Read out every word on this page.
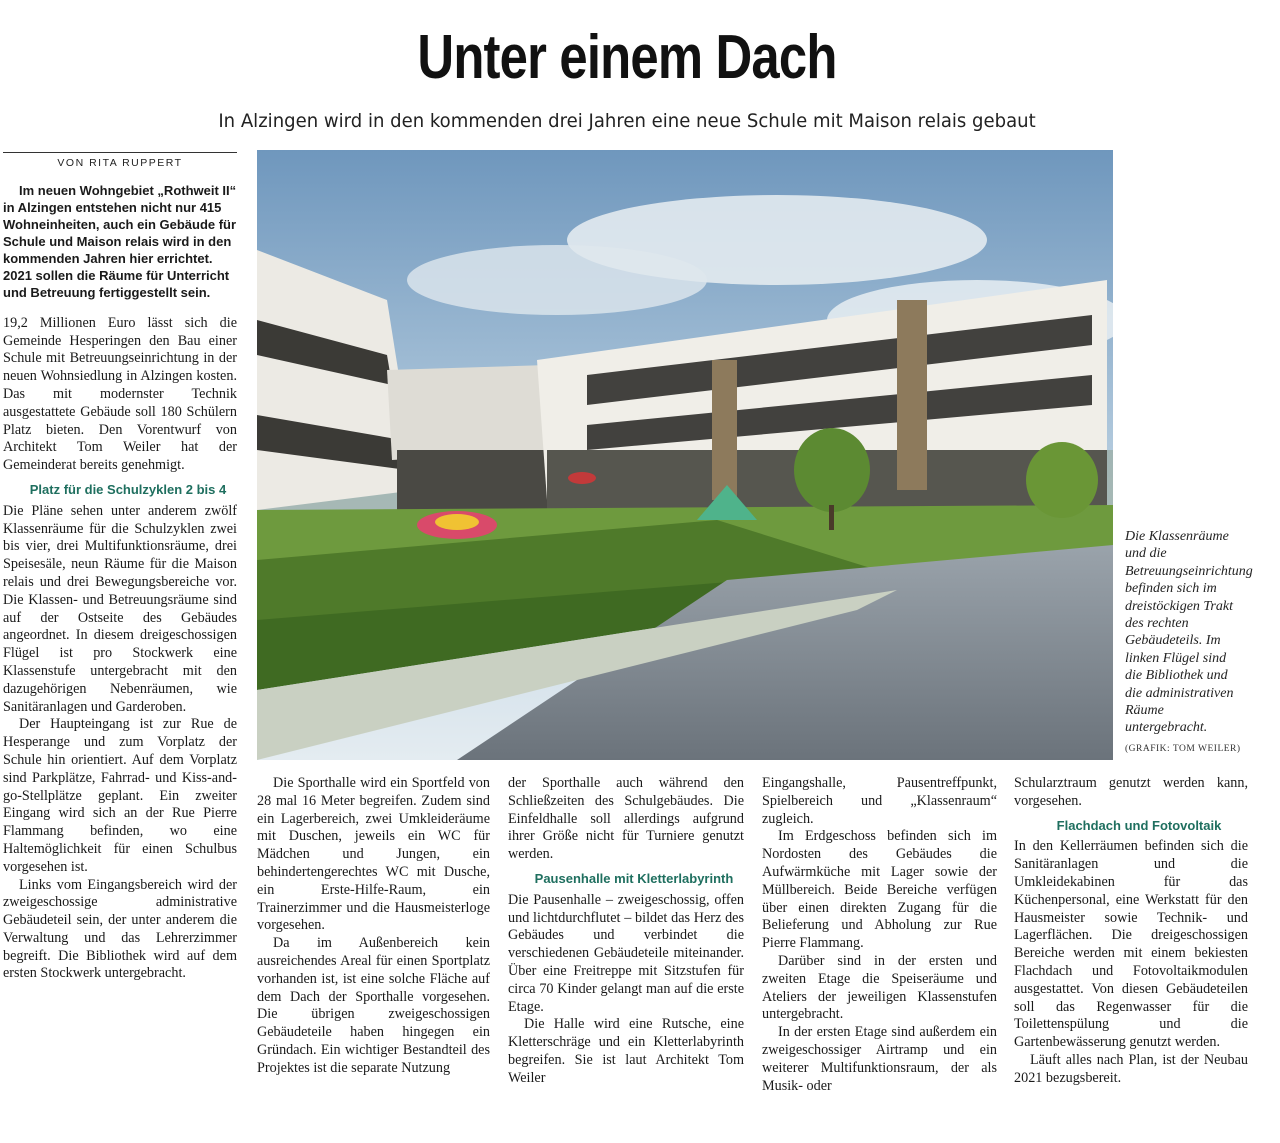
Unter einem Dach
In Alzingen wird in den kommenden drei Jahren eine neue Schule mit Maison relais gebaut
VON RITA RUPPERT

Im neuen Wohngebiet „Rothweit II“ in Alzingen entstehen nicht nur 415 Wohneinheiten, auch ein Gebäude für Schule und Maison relais wird in den kommenden Jahren hier errichtet. 2021 sollen die Räume für Unterricht und Betreuung fertiggestellt sein.

19,2 Millionen Euro lässt sich die Gemeinde Hesperingen den Bau einer Schule mit Betreuungseinrichtung in der neuen Wohnsiedlung in Alzingen kosten. Das mit modernster Technik ausgestattete Gebäude soll 180 Schülern Platz bieten. Den Vorentwurf von Architekt Tom Weiler hat der Gemeinderat bereits genehmigt.

Platz für die Schulzyklen 2 bis 4

Die Pläne sehen unter anderem zwölf Klassenräume für die Schulzyklen zwei bis vier, drei Multifunktionsräume, drei Speisesäle, neun Räume für die Maison relais und drei Bewegungsbereiche vor. Die Klassen- und Betreuungsräume sind auf der Ostseite des Gebäudes angeordnet. In diesem dreigeschossigen Flügel ist pro Stockwerk eine Klassenstufe untergebracht mit den dazugehörigen Nebenräumen, wie Sanitäranlagen und Garderoben.

Der Haupteingang ist zur Rue de Hesperange und zum Vorplatz der Schule hin orientiert. Auf dem Vorplatz sind Parkplätze, Fahrrad- und Kiss-and-go-Stellplätze geplant. Ein zweiter Eingang wird sich an der Rue Pierre Flammang befinden, wo eine Haltemöglichkeit für einen Schulbus vorgesehen ist.

Links vom Eingangsbereich wird der zweigeschossige administrative Gebäudeteil sein, der unter anderem die Verwaltung und das Lehrerzimmer begreift. Die Bibliothek wird auf dem ersten Stockwerk untergebracht.

Die Klassenräume und die Betreuungseinrichtung befinden sich im dreistöckigen Trakt des rechten Gebäudeteils. Im linken Flügel sind die Bibliothek und die administrativen Räume untergebracht.
(GRAFIK: TOM WEILER)

Die Sporthalle wird ein Sportfeld von 28 mal 16 Meter begreifen. Zudem sind ein Lagerbereich, zwei Umkleideräume mit Duschen, jeweils ein WC für Mädchen und Jungen, ein behindertengerechtes WC mit Dusche, ein Erste-Hilfe-Raum, ein Trainerzimmer und die Hausmeisterloge vorgesehen.

Da im Außenbereich kein ausreichendes Areal für einen Sportplatz vorhanden ist, ist eine solche Fläche auf dem Dach der Sporthalle vorgesehen. Die übrigen zweigeschossigen Gebäudeteile haben hingegen ein Gründach. Ein wichtiger Bestandteil des Projektes ist die separate Nutzung

der Sporthalle auch während den Schließzeiten des Schulgebäudes. Die Einfeldhalle soll allerdings aufgrund ihrer Größe nicht für Turniere genutzt werden.

Pausenhalle mit Kletterlabyrinth

Die Pausenhalle – zweigeschossig, offen und lichtdurchflutet – bildet das Herz des Gebäudes und verbindet die verschiedenen Gebäudeteile miteinander. Über eine Freitreppe mit Sitzstufen für circa 70 Kinder gelangt man auf die erste Etage.

Die Halle wird eine Rutsche, eine Kletterschräge und ein Kletterlabyrinth begreifen. Sie ist laut Architekt Tom Weiler

Eingangshalle, Pausentreffpunkt, Spielbereich und „Klassenraum“ zugleich.

Im Erdgeschoss befinden sich im Nordosten des Gebäudes die Aufwärmküche mit Lager sowie der Müllbereich. Beide Bereiche verfügen über einen direkten Zugang für die Belieferung und Abholung zur Rue Pierre Flammang.

Darüber sind in der ersten und zweiten Etage die Speiseräume und Ateliers der jeweiligen Klassenstufen untergebracht.

In der ersten Etage sind außerdem ein zweigeschossiger Airtramp und ein weiterer Multifunktionsraum, der als Musik- oder

Schularztraum genutzt werden kann, vorgesehen.

Flachdach und Fotovoltaik

In den Kellerräumen befinden sich die Sanitäranlagen und die Umkleidekabinen für das Küchenpersonal, eine Werkstatt für den Hausmeister sowie Technik- und Lagerflächen. Die dreigeschossigen Bereiche werden mit einem bekiesten Flachdach und Fotovoltaikmodulen ausgestattet. Von diesen Gebäudeteilen soll das Regenwasser für die Toilettenspülung und die Gartenbewässerung genutzt werden.

Läuft alles nach Plan, ist der Neubau 2021 bezugsbereit.
